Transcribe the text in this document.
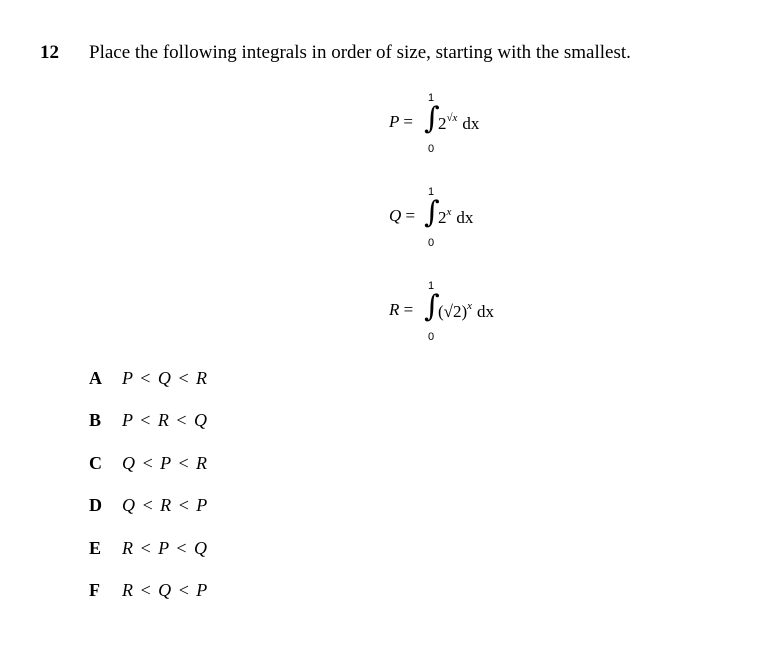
12 Place the following integrals in order of size, starting with the smallest.
1
P = ∫
$2^{√x}$ dx
0
1
Q = ∫
2$^x$ dx
0
1
R = ∫
$(√2)^x$ dx
0
A P < Q < R
B P < R < Q
C Q < P < R
D Q < R < P
E R < P < Q
F R < Q < P
